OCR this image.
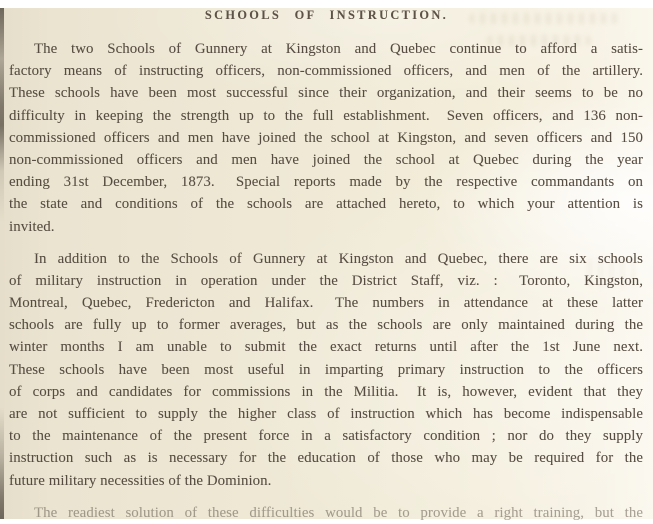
SCHOOLS OF INSTRUCTION.
The two Schools of Gunnery at Kingston and Quebec continue to afford a satis-
factory means of instructing officers, non-commissioned officers, and men of the artillery.
These schools have been most successful since their organization, and their seems to be no
difficulty in keeping the strength up to the full establishment.  Seven officers, and 136 non-
commissioned officers and men have joined the school at Kingston, and seven officers and 150
non-commissioned officers and men have joined the school at Quebec during the year
ending 31st December, 1873.  Special reports made by the respective commandants on
the state and conditions of the schools are attached hereto, to which your attention is
invited.
In addition to the Schools of Gunnery at Kingston and Quebec, there are six schools
of military instruction in operation under the District Staff, viz. :  Toronto, Kingston,
Montreal, Quebec, Fredericton and Halifax.  The numbers in attendance at these latter
schools are fully up to former averages, but as the schools are only maintained during the
winter months I am unable to submit the exact returns until after the 1st June next.
These schools have been most useful in imparting primary instruction to the officers
of corps and candidates for commissions in the Militia.  It is, however, evident that they
are not sufficient to supply the higher class of instruction which has become indispensable
to the maintenance of the present force in a satisfactory condition ; nor do they supply
instruction such as is necessary for the education of those who may be required for the
future military necessities of the Dominion.
The readiest solution of these difficulties would be to provide a right training, but the
